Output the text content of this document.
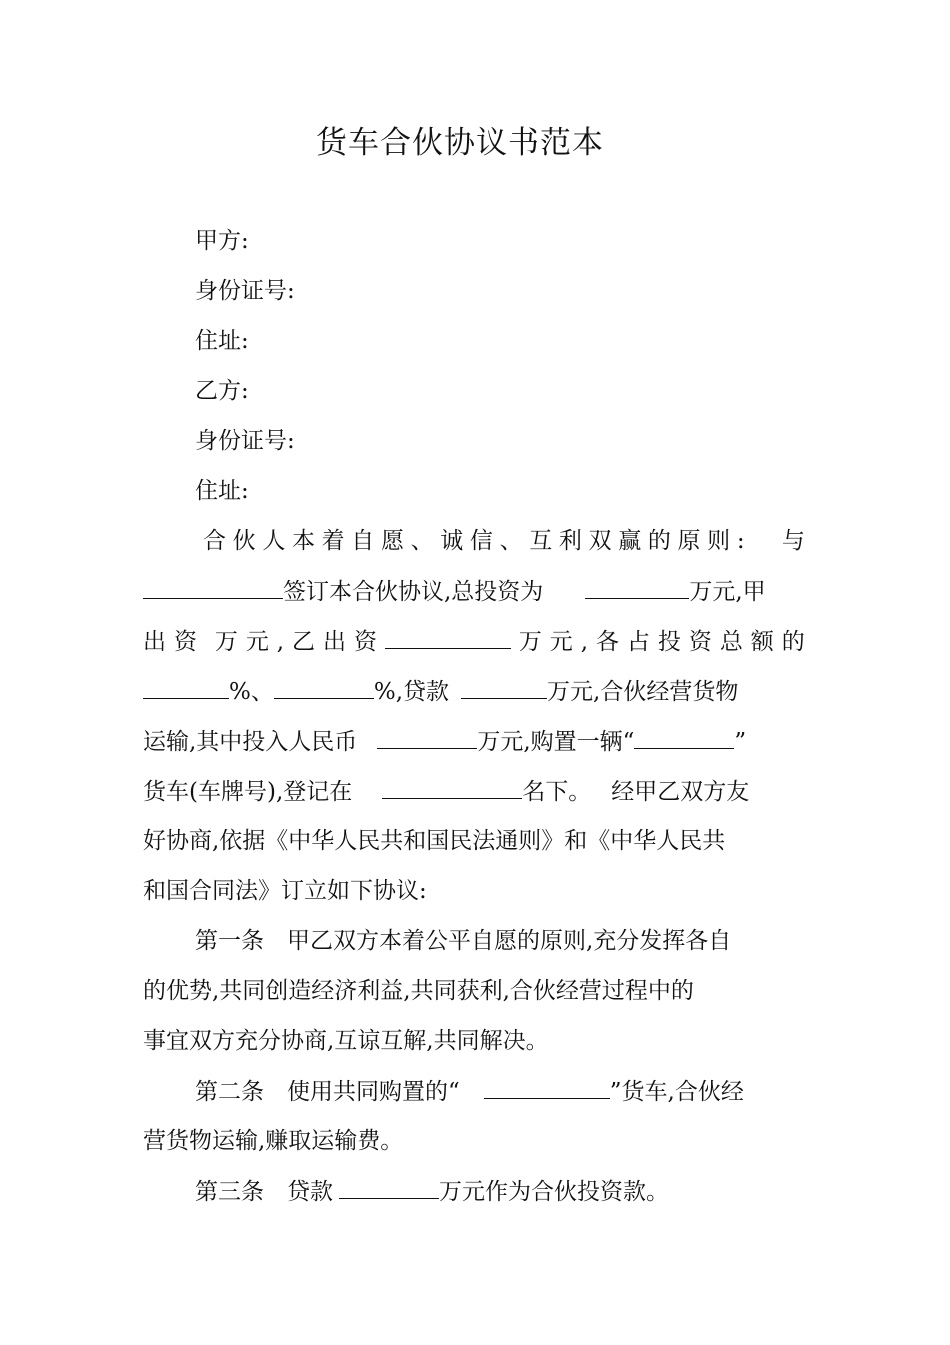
货车合伙协议书范本
甲方:
身份证号:
住址:
乙方:
身份证号:
住址:
合 伙 人 本 着 自 愿 、 诚 信 、 互 利 双 赢 的 原 则 : 与
签订本合伙协议,总投资为	万元,甲
出 资 万 元 , 乙 出 资	万 元 , 各 占 投 资 总 额 的
%、	%,贷款	万元,合伙经营货物
运输,其中投入人民币	万元,购置一辆“	”
货车(车牌号),登记在	名下。 经甲乙双方友
好协商,依据《中华人民共和国民法通则》和《中华人民共
和国合同法》订立如下协议:
第一条　甲乙双方本着公平自愿的原则,充分发挥各自
的优势,共同创造经济利益,共同获利,合伙经营过程中的
事宜双方充分协商,互谅互解,共同解决。
第二条　使用共同购置的“	”货车,合伙经
营货物运输,赚取运输费。
第三条　贷款	万元作为合伙投资款。
